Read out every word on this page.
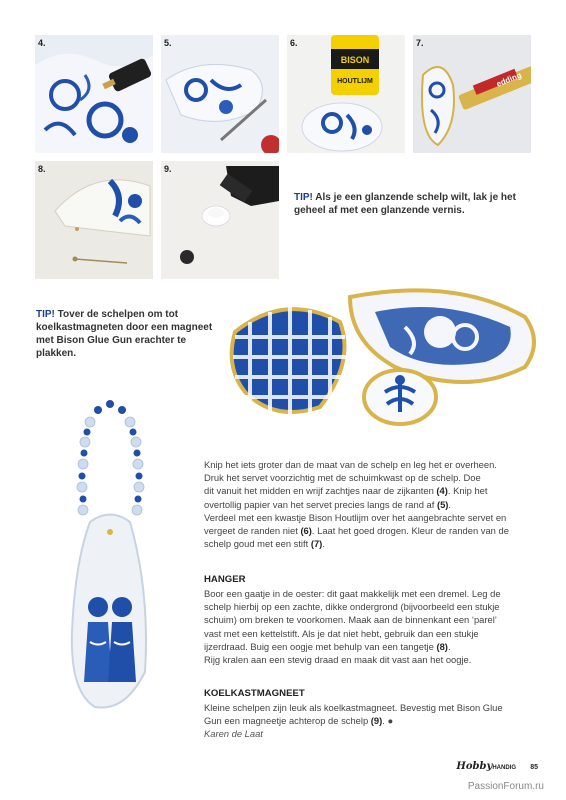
4.	5.
BISON
HOUTLIJM
6.
edding
7.
8.	9.
TIP! Als je een glanzende schelp wilt, lak je het geheel af met een glanzende vernis.
TIP! Tover de schelpen om tot koelkastmagneten door een magneet met Bison Glue Gun erachter te plakken.
Knip het iets groter dan de maat van de schelp en leg het er overheen.
Druk het servet voorzichtig met de schuimkwast op de schelp. Doe
dit vanuit het midden en wrijf zachtjes naar de zijkanten (4). Knip het
overtollig papier van het servet precies langs de rand af (5).
Verdeel met een kwastje Bison Houtlijm over het aangebrachte servet en
vergeet de randen niet (6). Laat het goed drogen. Kleur de randen van de
schelp goud met een stift (7).
HANGER
Boor een gaatje in de oester: dit gaat makkelijk met een dremel. Leg de
schelp hierbij op een zachte, dikke ondergrond (bijvoorbeeld een stukje
schuim) om breken te voorkomen. Maak aan de binnenkant een ‘parel’
vast met een kettelstift. Als je dat niet hebt, gebruik dan een stukje
ijzerdraad. Buig een oogje met behulp van een tangetje (8).
Rijg kralen aan een stevig draad en maak dit vast aan het oogje.
KOELKASTMAGNEET
Kleine schelpen zijn leuk als koelkastmagneet. Bevestig met Bison Glue
Gun een magneetje achterop de schelp (9). ●
Karen de Laat
HobbyHANDIG 85
PassionForum.ru
